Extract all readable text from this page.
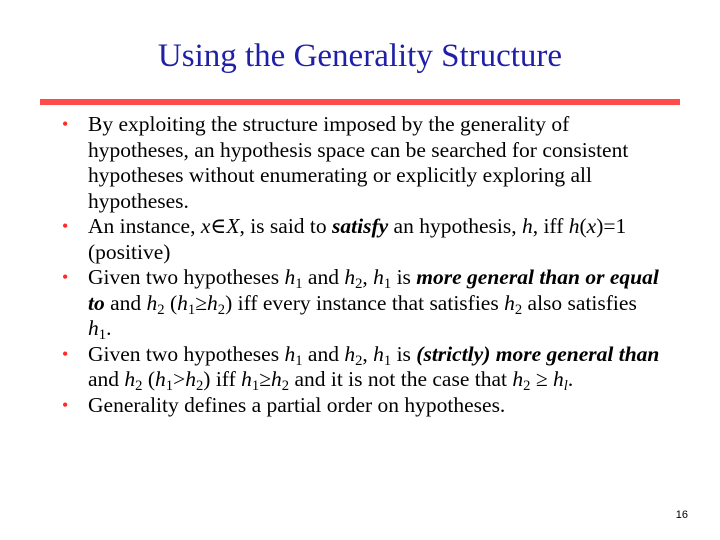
Using the Generality Structure
• By exploiting the structure imposed by the generality of hypotheses, an hypothesis space can be searched for consistent hypotheses without enumerating or explicitly exploring all hypotheses.
• An instance, x∈X, is said to satisfy an hypothesis, h, iff h(x)=1 (positive)
• Given two hypotheses $h_1$ and $h_2$, $h_1$ is more general than or equal to and $h_2$ $(h_1\ge h_2)$ iff every instance that satisfies $h_2$ also satisfies $h_1$.
• Given two hypotheses $h_1$ and $h_2$, $h_1$ is (strictly) more general than and $h_2$ $(h_1>h_2)$ iff $h_1\ge h_2$ and it is not the case that $h_2 \ge h_l$.
• Generality defines a partial order on hypotheses.
16
